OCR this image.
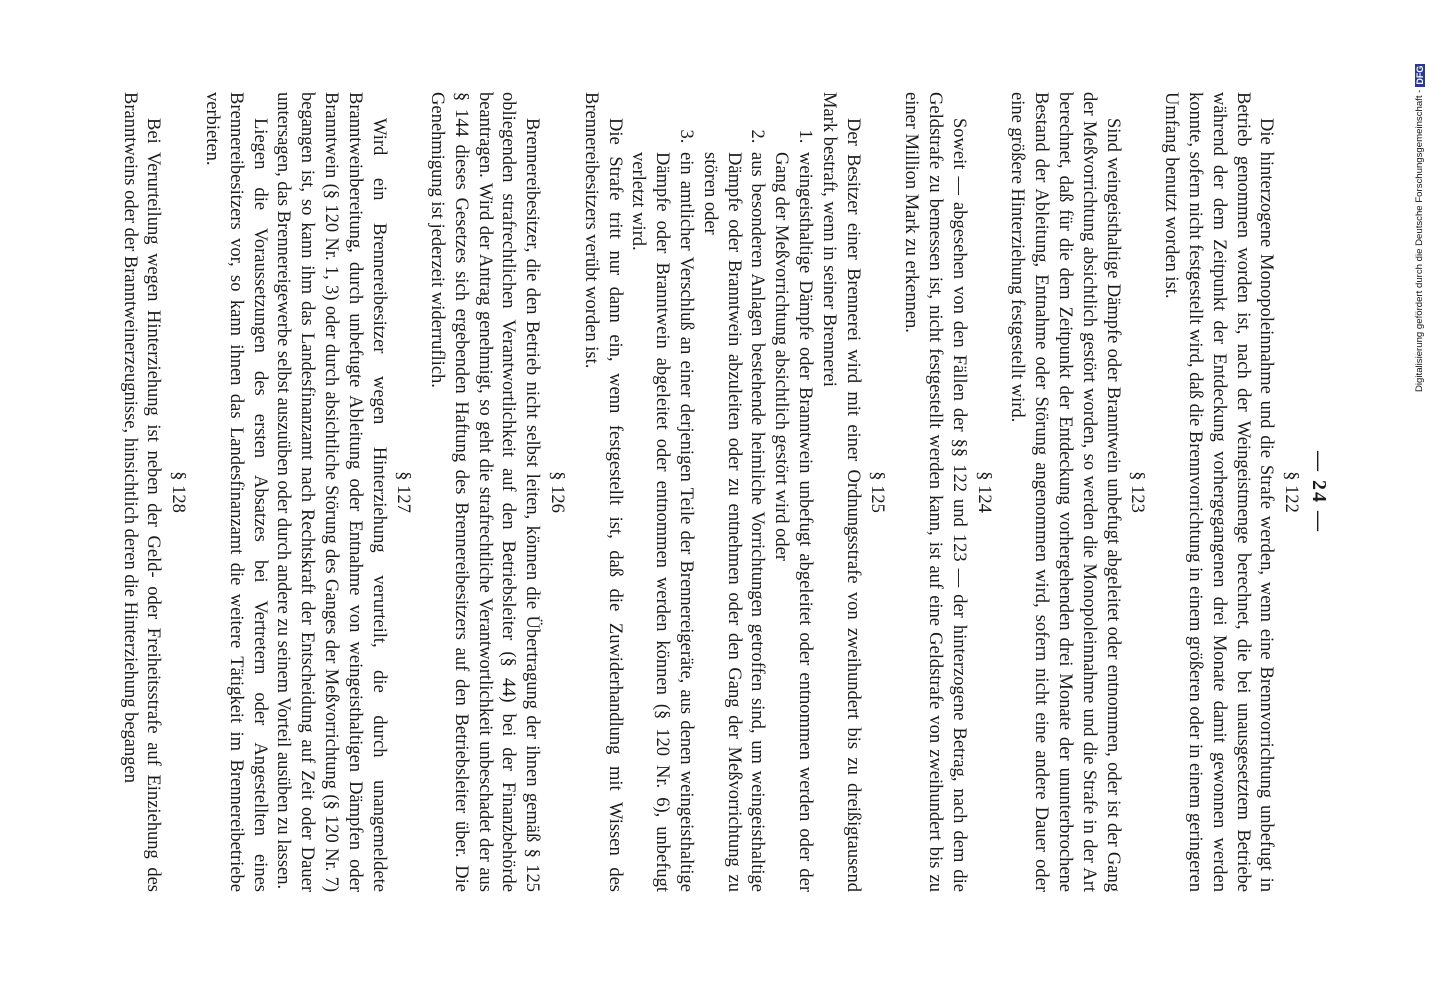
— 24 —
§ 122

Die hinterzogene Monopoleinnahme und die Strafe werden, wenn eine Brennvorrichtung unbefugt in Betrieb genommen worden ist, nach der Weingeistmenge berechnet, die bei unausgesetztem Betriebe während der dem Zeitpunkt der Entdeckung vorhergegangenen drei Monate damit gewonnen werden konnte, sofern nicht festgestellt wird, daß die Brennvorrichtung in einem größeren oder in einem geringeren Umfang benutzt worden ist.

§ 123

Sind weingeisthaltige Dämpfe oder Branntwein unbefugt abgeleitet oder entnommen, oder ist der Gang der Meßvorrichtung absichtlich gestört worden, so werden die Monopoleinnahme und die Strafe in der Art berechnet, daß für die dem Zeitpunkt der Entdeckung vorhergehenden drei Monate der ununterbrochene Bestand der Ableitung, Entnahme oder Störung angenommen wird, sofern nicht eine andere Dauer oder eine größere Hinterziehung festgestellt wird.

§ 124

Soweit — abgesehen von den Fällen der §§ 122 und 123 — der hinterzogene Betrag, nach dem die Geldstrafe zu bemessen ist, nicht festgestellt werden kann, ist auf eine Geldstrafe von zweihundert bis zu einer Million Mark zu erkennen.

§ 125

Der Besitzer einer Brennerei wird mit einer Ordnungsstrafe von zweihundert bis zu dreißigtausend Mark bestraft, wenn in seiner Brennerei

1. weingeisthaltige Dämpfe oder Branntwein unbefugt abgeleitet oder entnommen werden oder der Gang der Meßvorrichtung absichtlich gestört wird oder
2. aus besonderen Anlagen bestehende heimliche Vorrichtungen getroffen sind, um weingeisthaltige Dämpfe oder Branntwein abzuleiten oder zu entnehmen oder den Gang der Meßvorrichtung zu stören oder
3. ein amtlicher Verschluß an einer derjenigen Teile der Brennereigeräte, aus denen weingeisthaltige Dämpfe oder Branntwein abgeleitet oder entnommen werden können (§ 120 Nr. 6), unbefugt verletzt wird.

Die Strafe tritt nur dann ein, wenn festgestellt ist, daß die Zuwiderhandlung mit Wissen des Brennereibesitzers verübt worden ist.

§ 126

Brennereibesitzer, die den Betrieb nicht selbst leiten, können die Übertragung der ihnen gemäß § 125 obliegenden strafrechtlichen Verantwortlichkeit auf den Betriebsleiter (§ 44) bei der Finanzbehörde beantragen. Wird der Antrag genehmigt, so geht die strafrechtliche Verantwortlichkeit unbeschadet der aus § 144 dieses Gesetzes sich ergebenden Haftung des Brennereibesitzers auf den Betriebsleiter über. Die Genehmigung ist jederzeit widerruflich.

§ 127

Wird ein Brennereibesitzer wegen Hinterziehung verurteilt, die durch unangemeldete Branntweinbereitung, durch unbefugte Ableitung oder Entnahme von weingeisthaltigen Dämpfen oder Branntwein (§ 120 Nr. 1, 3) oder durch absichtliche Störung des Ganges der Meßvorrichtung (§ 120 Nr. 7) begangen ist, so kann ihm das Landesfinanzamt nach Rechtskraft der Entscheidung auf Zeit oder Dauer untersagen, das Brennereigewerbe selbst auszuüben oder durch andere zu seinem Vorteil ausüben zu lassen.

Liegen die Voraussetzungen des ersten Absatzes bei Vertretern oder Angestellten eines Brennereibesitzers vor, so kann ihnen das Landesfinanzamt die weitere Tätigkeit im Brennereibetriebe verbieten.

§ 128

Bei Verurteilung wegen Hinterziehung ist neben der Geld- oder Freiheitsstrafe auf Einziehung des Branntweins oder der Branntweinerzeugnisse, hinsichtlich deren die Hinterziehung begangen	Digitalisierung gefördert durch die Deutsche Forschungsgemeinschaft -
DFG
